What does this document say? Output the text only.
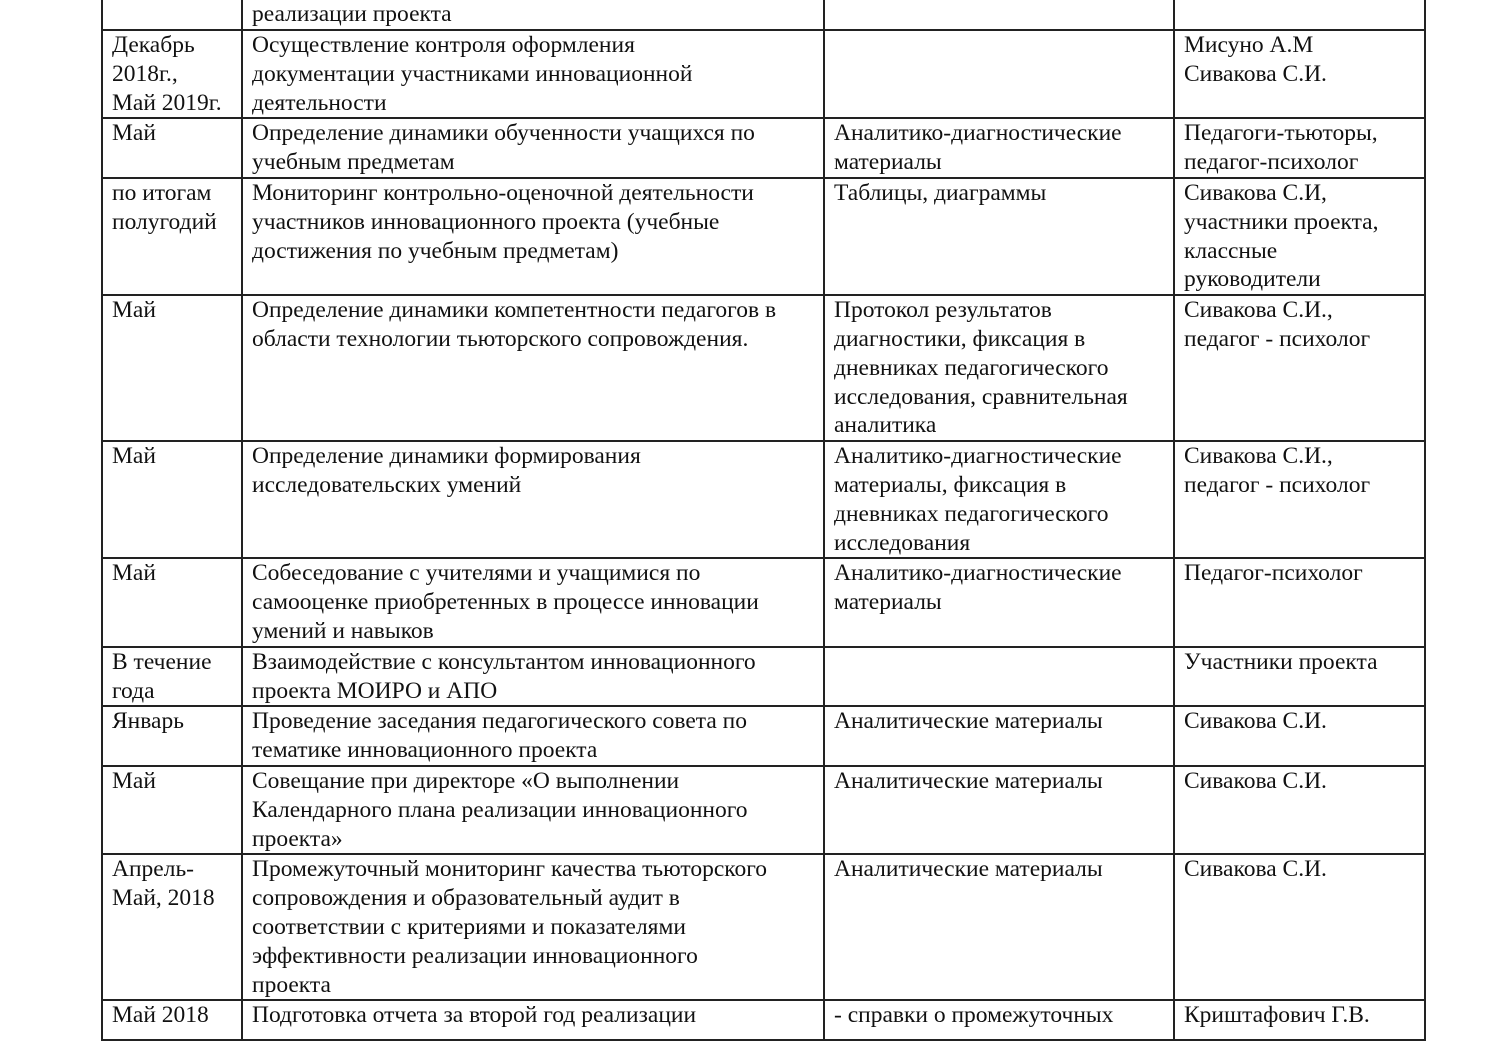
	реализации проекта		

Декабрь
2018г.,
Май 2019г.	Осуществление контроля оформления
документации участниками инновационной
деятельности		Мисуно А.М
Сивакова С.И.

Май	Определение динамики обученности учащихся по
учебным предметам	Аналитико-диагностические
материалы	Педагоги-тьюторы,
педагог-психолог

по итогам
полугодий	Мониторинг контрольно-оценочной деятельности
участников инновационного проекта (учебные
достижения по учебным предметам)	Таблицы, диаграммы	Сивакова С.И,
участники проекта,
классные
руководители

Май	Определение динамики компетентности педагогов в
области технологии тьюторского сопровождения.	Протокол результатов
диагностики, фиксация в
дневниках педагогического
исследования, сравнительная
аналитика	Сивакова С.И.,
педагог - психолог

Май	Определение динамики формирования
исследовательских умений	Аналитико-диагностические
материалы, фиксация в
дневниках педагогического
исследования	Сивакова С.И.,
педагог - психолог

Май	Собеседование с учителями и учащимися по
самооценке приобретенных в процессе инновации
умений и навыков	Аналитико-диагностические
материалы	Педагог-психолог

В течение
года	Взаимодействие с консультантом инновационного
проекта МОИРО и АПО		Участники проекта

Январь	Проведение заседания педагогического совета по
тематике инновационного проекта	Аналитические материалы	Сивакова С.И.

Май	Совещание при директоре «О выполнении
Календарного плана реализации инновационного
проекта»	Аналитические материалы	Сивакова С.И.

Апрель-
Май, 2018	Промежуточный мониторинг качества тьюторского
сопровождения и образовательный аудит в
соответствии с критериями и показателями
эффективности реализации инновационного
проекта	Аналитические материалы	Сивакова С.И.

Май 2018	Подготовка отчета за второй год реализации	- справки о промежуточных	Криштафович Г.В.
